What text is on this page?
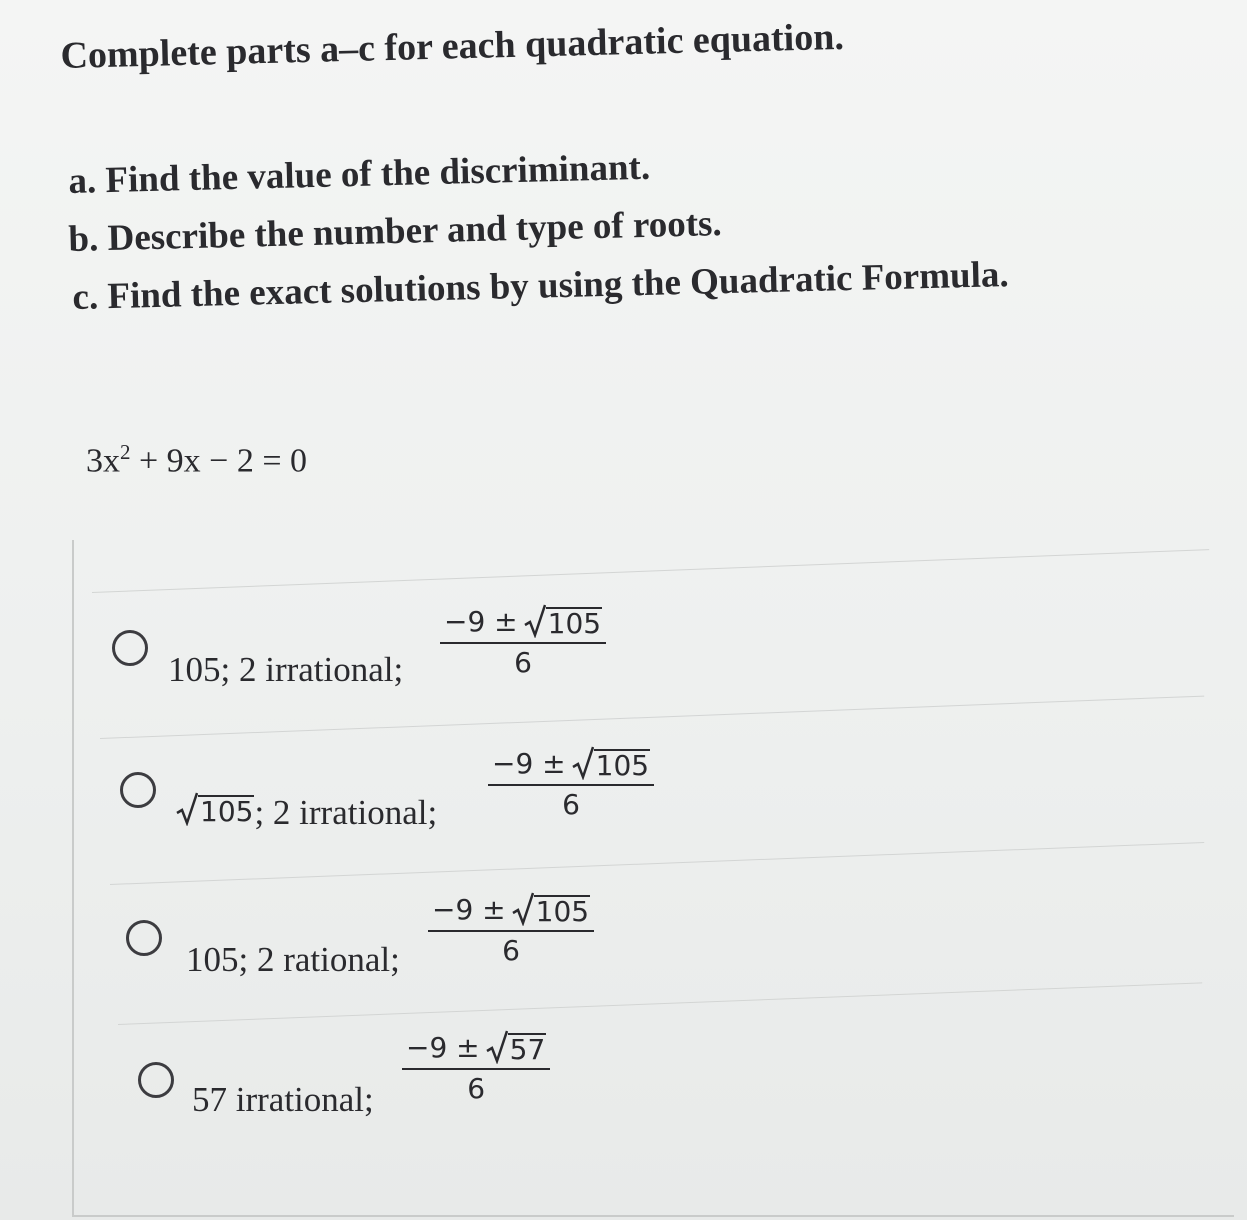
Complete parts a–c for each quadratic equation.
a. Find the value of the discriminant.
b. Describe the number and type of roots.
c. Find the exact solutions by using the Quadratic Formula.
$3x^2 + 9x - 2 = 0$
105; 2 irrational;
−9 ± 105
6
105 ; 2 irrational;
−9 ± 105
6
105; 2 rational;
−9 ± 105
6
57 irrational;
−9 ± 57
6
